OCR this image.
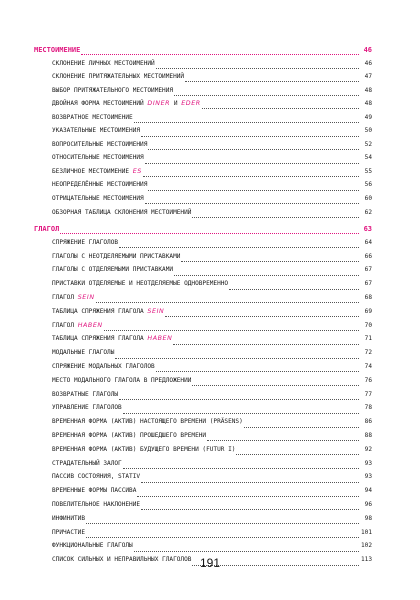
МЕСТОИМЕНИЕ	46
СКЛОНЕНИЕ ЛИЧНЫХ МЕСТОИМЕНИЙ	46
СКЛОНЕНИЕ ПРИТЯЖАТЕЛЬНЫХ МЕСТОИМЕНИЙ	47
ВЫБОР ПРИТЯЖАТЕЛЬНОГО МЕСТОИМЕНИЯ	48
ДВОЙНАЯ ФОРМА МЕСТОИМЕНИЙ DINER И EDER	48
ВОЗВРАТНОЕ МЕСТОИМЕНИЕ	49
УКАЗАТЕЛЬНЫЕ МЕСТОИМЕНИЯ	50
ВОПРОСИТЕЛЬНЫЕ МЕСТОИМЕНИЯ	52
ОТНОСИТЕЛЬНЫЕ МЕСТОИМЕНИЯ	54
БЕЗЛИЧНОЕ МЕСТОИМЕНИЕ ES	55
НЕОПРЕДЕЛЁННЫЕ МЕСТОИМЕНИЯ	56
ОТРИЦАТЕЛЬНЫЕ МЕСТОИМЕНИЯ	60
ОБЗОРНАЯ ТАБЛИЦА СКЛОНЕНИЯ МЕСТОИМЕНИЙ	62
ГЛАГОЛ	63
СПРЯЖЕНИЕ ГЛАГОЛОВ	64
ГЛАГОЛЫ С НЕОТДЕЛЯЕМЫМИ ПРИСТАВКАМИ	66
ГЛАГОЛЫ С ОТДЕЛЯЕМЫМИ ПРИСТАВКАМИ	67
ПРИСТАВКИ ОТДЕЛЯЕМЫЕ И НЕОТДЕЛЯЕМЫЕ ОДНОВРЕМЕННО	67
ГЛАГОЛ SEIN	68
ТАБЛИЦА СПРЯЖЕНИЯ ГЛАГОЛА SEIN	69
ГЛАГОЛ HABEN	70
ТАБЛИЦА СПРЯЖЕНИЯ ГЛАГОЛА HABEN	71
МОДАЛЬНЫЕ ГЛАГОЛЫ	72
СПРЯЖЕНИЕ МОДАЛЬНЫХ ГЛАГОЛОВ	74
МЕСТО МОДАЛЬНОГО ГЛАГОЛА В ПРЕДЛОЖЕНИИ	76
ВОЗВРАТНЫЕ ГЛАГОЛЫ	77
УПРАВЛЕНИЕ ГЛАГОЛОВ	78
ВРЕМЕННАЯ ФОРМА (АКТИВ) НАСТОЯЩЕГО ВРЕМЕНИ (PRÄSENS)	86
ВРЕМЕННАЯ ФОРМА (АКТИВ) ПРОШЕДШЕГО ВРЕМЕНИ	88
ВРЕМЕННАЯ ФОРМА (АКТИВ) БУДУЩЕГО ВРЕМЕНИ (FUTUR I)	92
СТРАДАТЕЛЬНЫЙ ЗАЛОГ	93
ПАССИВ СОСТОЯНИЯ, STATIV	93
ВРЕМЕННЫЕ ФОРМЫ ПАССИВА	94
ПОВЕЛИТЕЛЬНОЕ НАКЛОНЕНИЕ	96
ИНФИНИТИВ	98
ПРИЧАСТИЕ	101
ФУНКЦИОНАЛЬНЫЕ ГЛАГОЛЫ	102
СПИСОК СИЛЬНЫХ И НЕПРАВИЛЬНЫХ ГЛАГОЛОВ	113
191
